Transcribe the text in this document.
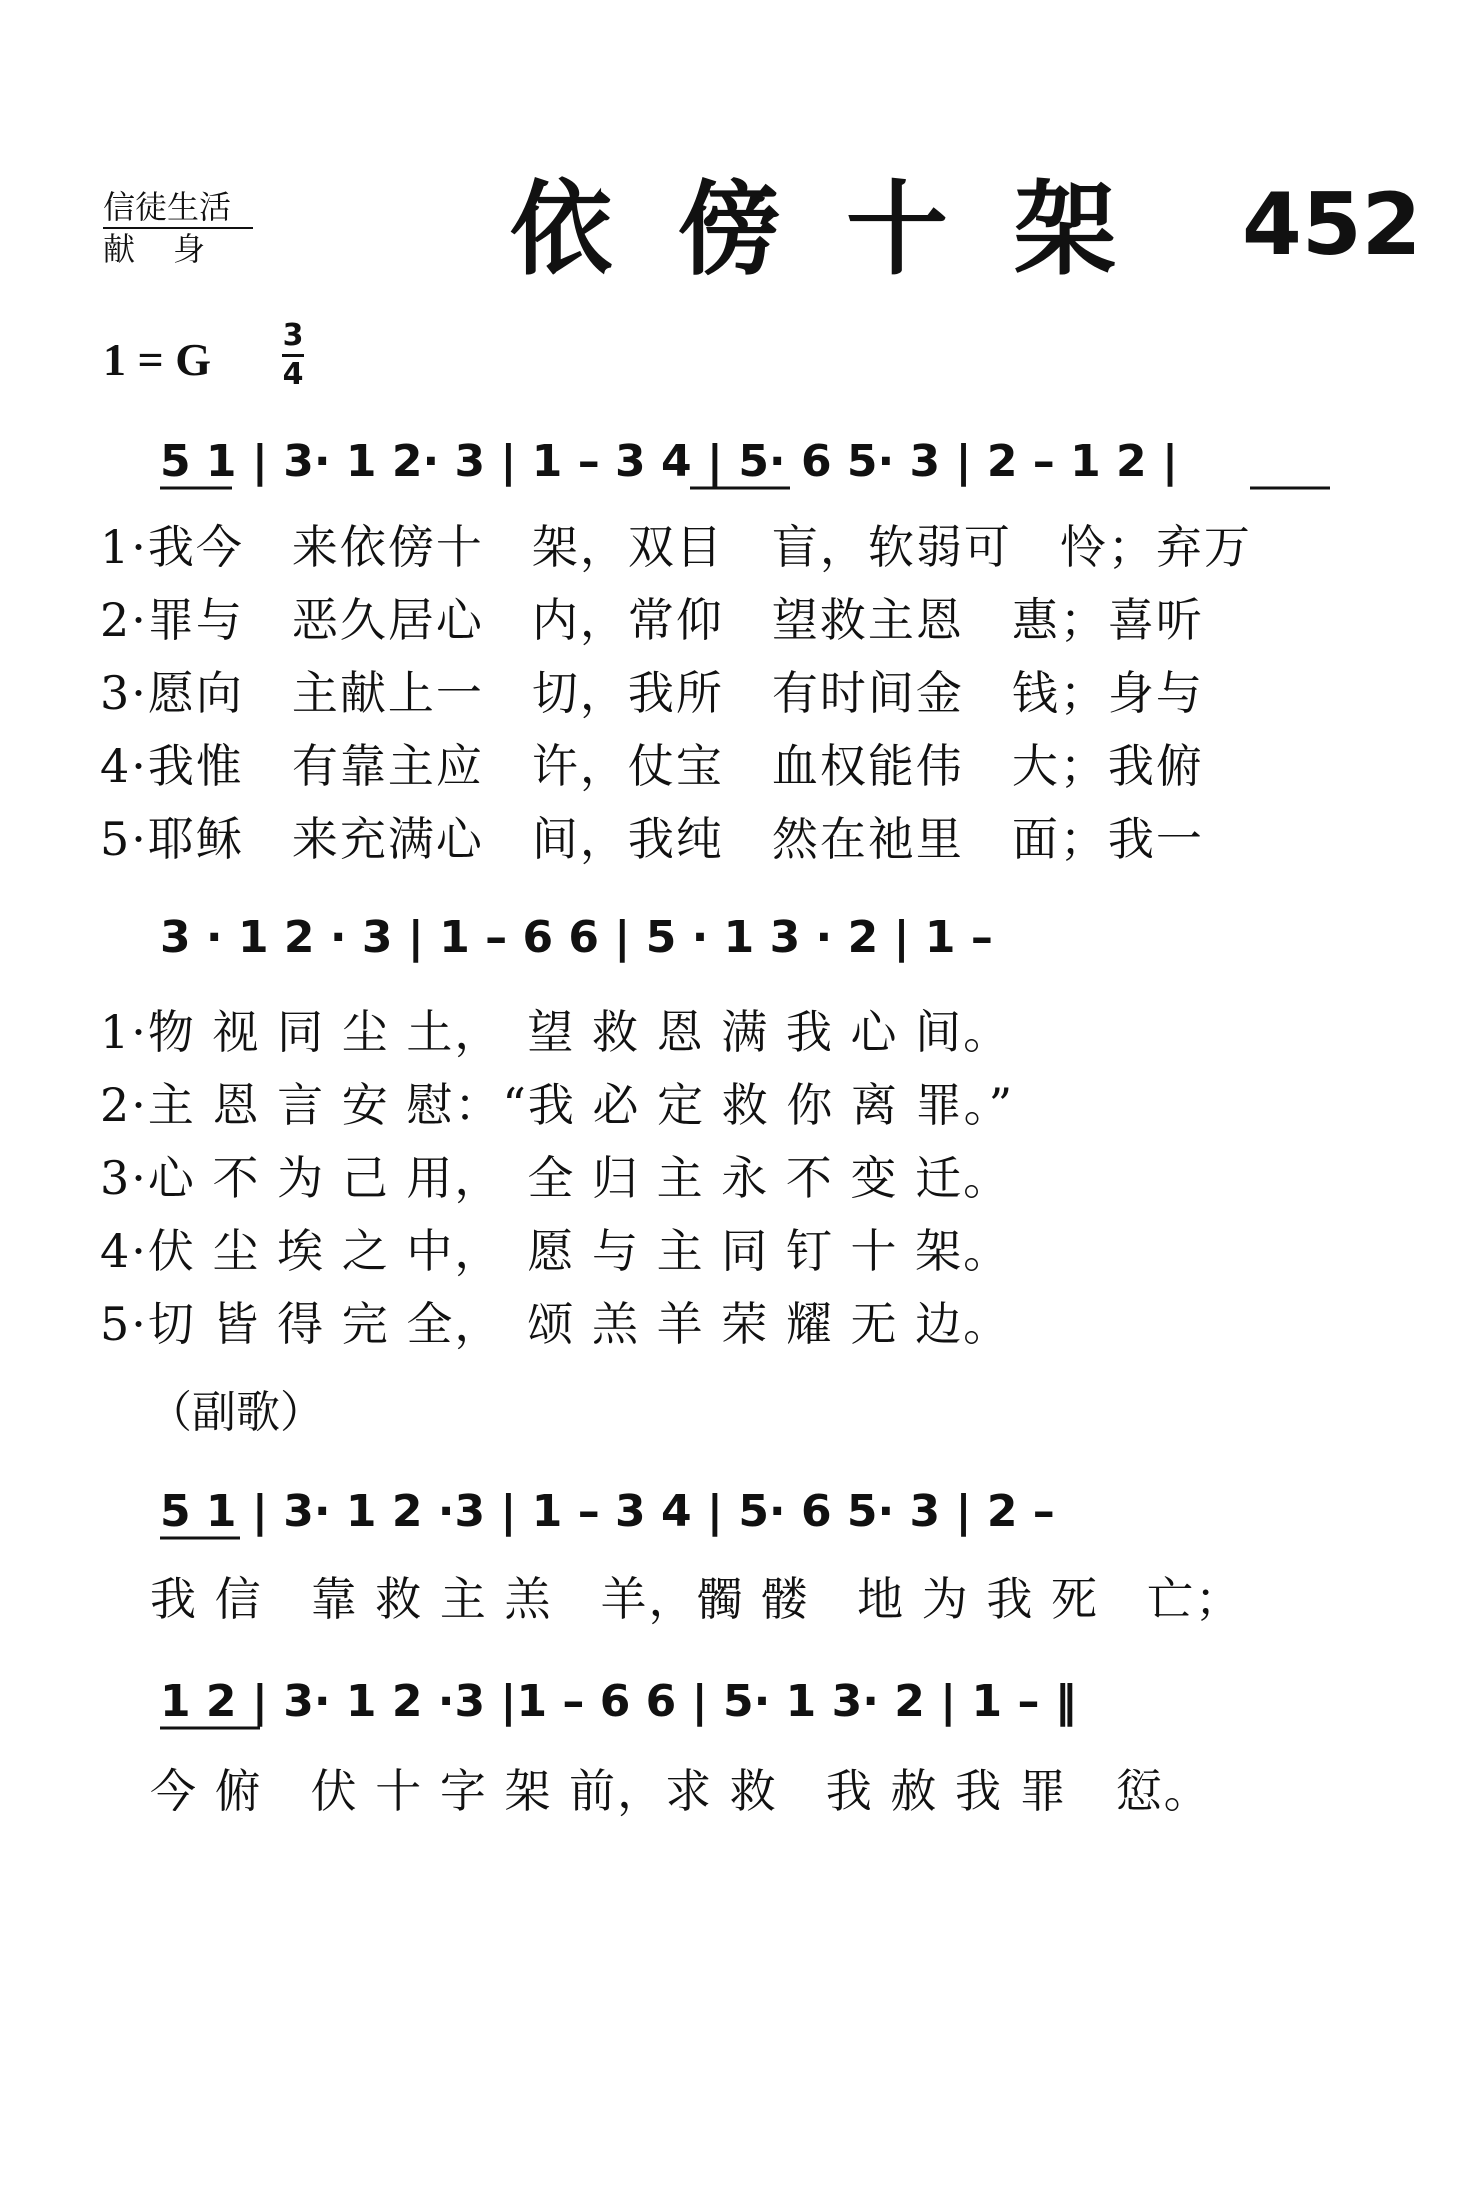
信徒生活
献身	依傍十架 452
1 = G 3
4
5 1 | 3· 1 2· 3 | 1 – 3 4 | 5· 6 5· 3 | 2 – 1 2 |
1·我今　来依傍十　架，双目　盲，软弱可　怜；弃万
2·罪与　恶久居心　内，常仰　望救主恩　惠；喜听
3·愿向　主献上一　切，我所　有时间金　钱；身与
4·我惟　有靠主应　许，仗宝　血权能伟　大；我俯
5·耶稣　来充满心　间，我纯　然在祂里　面；我一
3 · 1 2 · 3 | 1 – 6 6 | 5 · 1 3 · 2 | 1 –
1·物 视 同 尘 土，　望 救 恩 满 我 心 间。
2·主 恩 言 安 慰：“我 必 定 救 你 离 罪。”
3·心 不 为 己 用，　全 归 主 永 不 变 迁。
4·伏 尘 埃 之 中，　愿 与 主 同 钉 十 架。
5·切 皆 得 完 全，　颂 羔 羊 荣 耀 无 边。
（副歌）
5 1 | 3· 1 2 ·3 | 1 – 3 4 | 5· 6 5· 3 | 2 –
我 信　靠 救 主 羔　羊，髑 髅　地 为 我 死　亡；
1 2 | 3· 1 2 ·3 |1 – 6 6 | 5· 1 3· 2 | 1 – ‖
今 俯　伏 十 字 架 前，求 救　我 赦 我 罪　愆。
